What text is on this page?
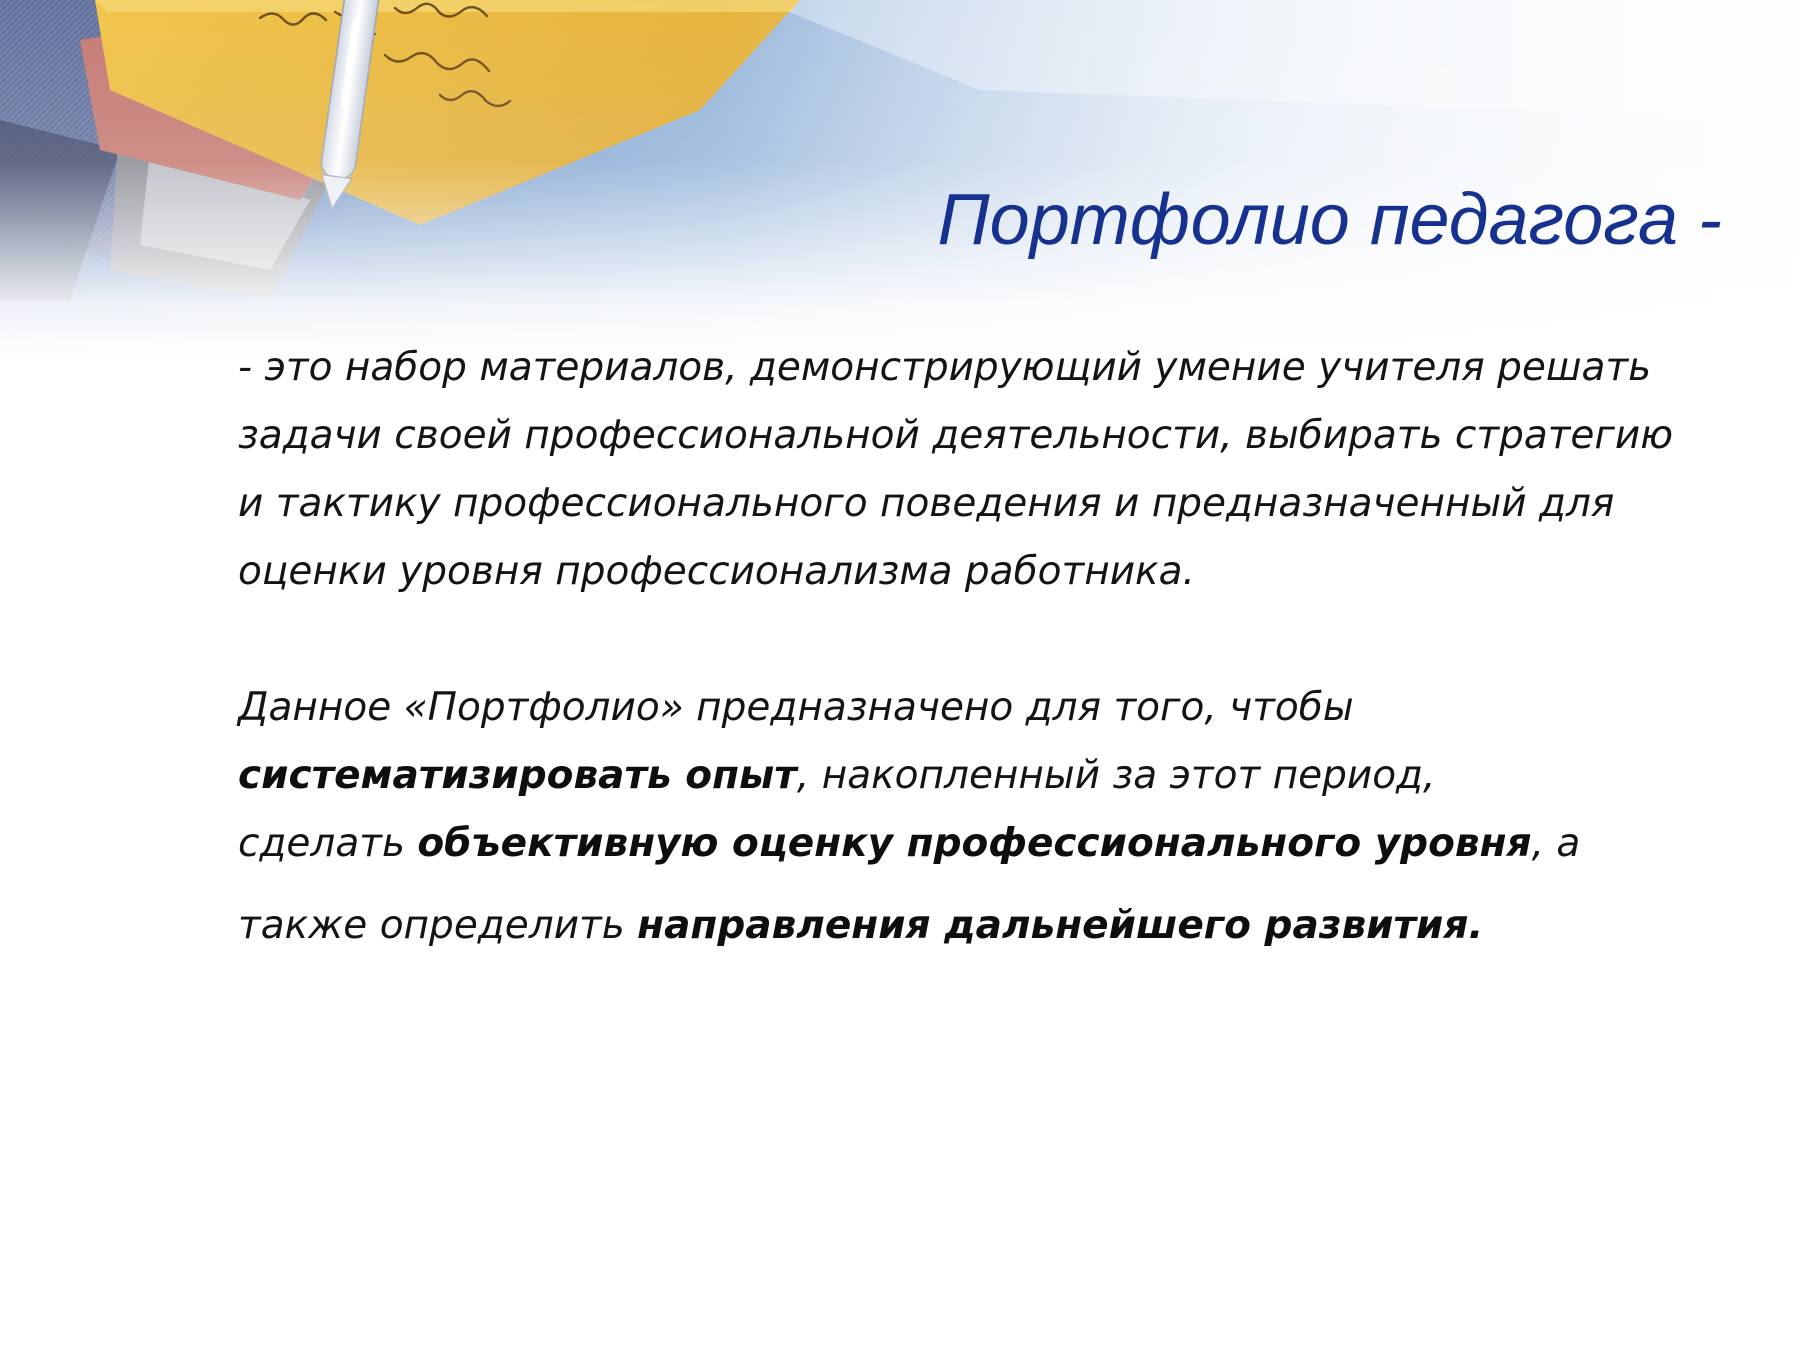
Портфолио педагога -

- это набор материалов, демонстрирующий умение учителя решать задачи своей профессиональной деятельности, выбирать стратегию и тактику профессионального поведения и предназначенный для оценки уровня профессионализма работника.

Данное «Портфолио» предназначено для того, чтобы
систематизировать опыт, накопленный за этот период,
сделать объективную оценку профессионального уровня, а
также определить направления дальнейшего развития.
